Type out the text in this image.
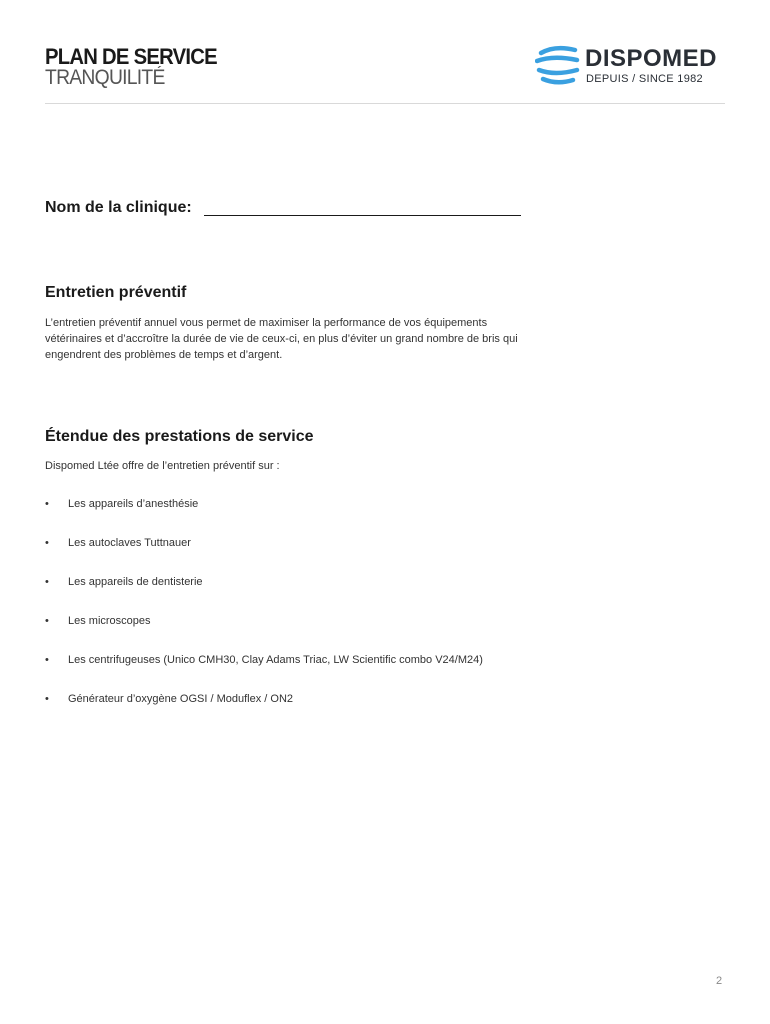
PLAN DE SERVICE
TRANQUILITÉ
DISPOMED
DEPUIS / SINCE 1982
Nom de la clinique:
Entretien préventif
L’entretien préventif annuel vous permet de maximiser la performance de vos équipements vétérinaires et d’accroître la durée de vie de ceux-ci, en plus d’éviter un grand nombre de bris qui engendrent des problèmes de temps et d’argent.
Étendue des prestations de service
Dispomed Ltée offre de l’entretien préventif sur :
• Les appareils d’anesthésie
• Les autoclaves Tuttnauer
• Les appareils de dentisterie
• Les microscopes
• Les centrifugeuses (Unico CMH30, Clay Adams Triac, LW Scientific combo V24/M24)
• Générateur d’oxygène OGSI / Moduflex / ON2
2
